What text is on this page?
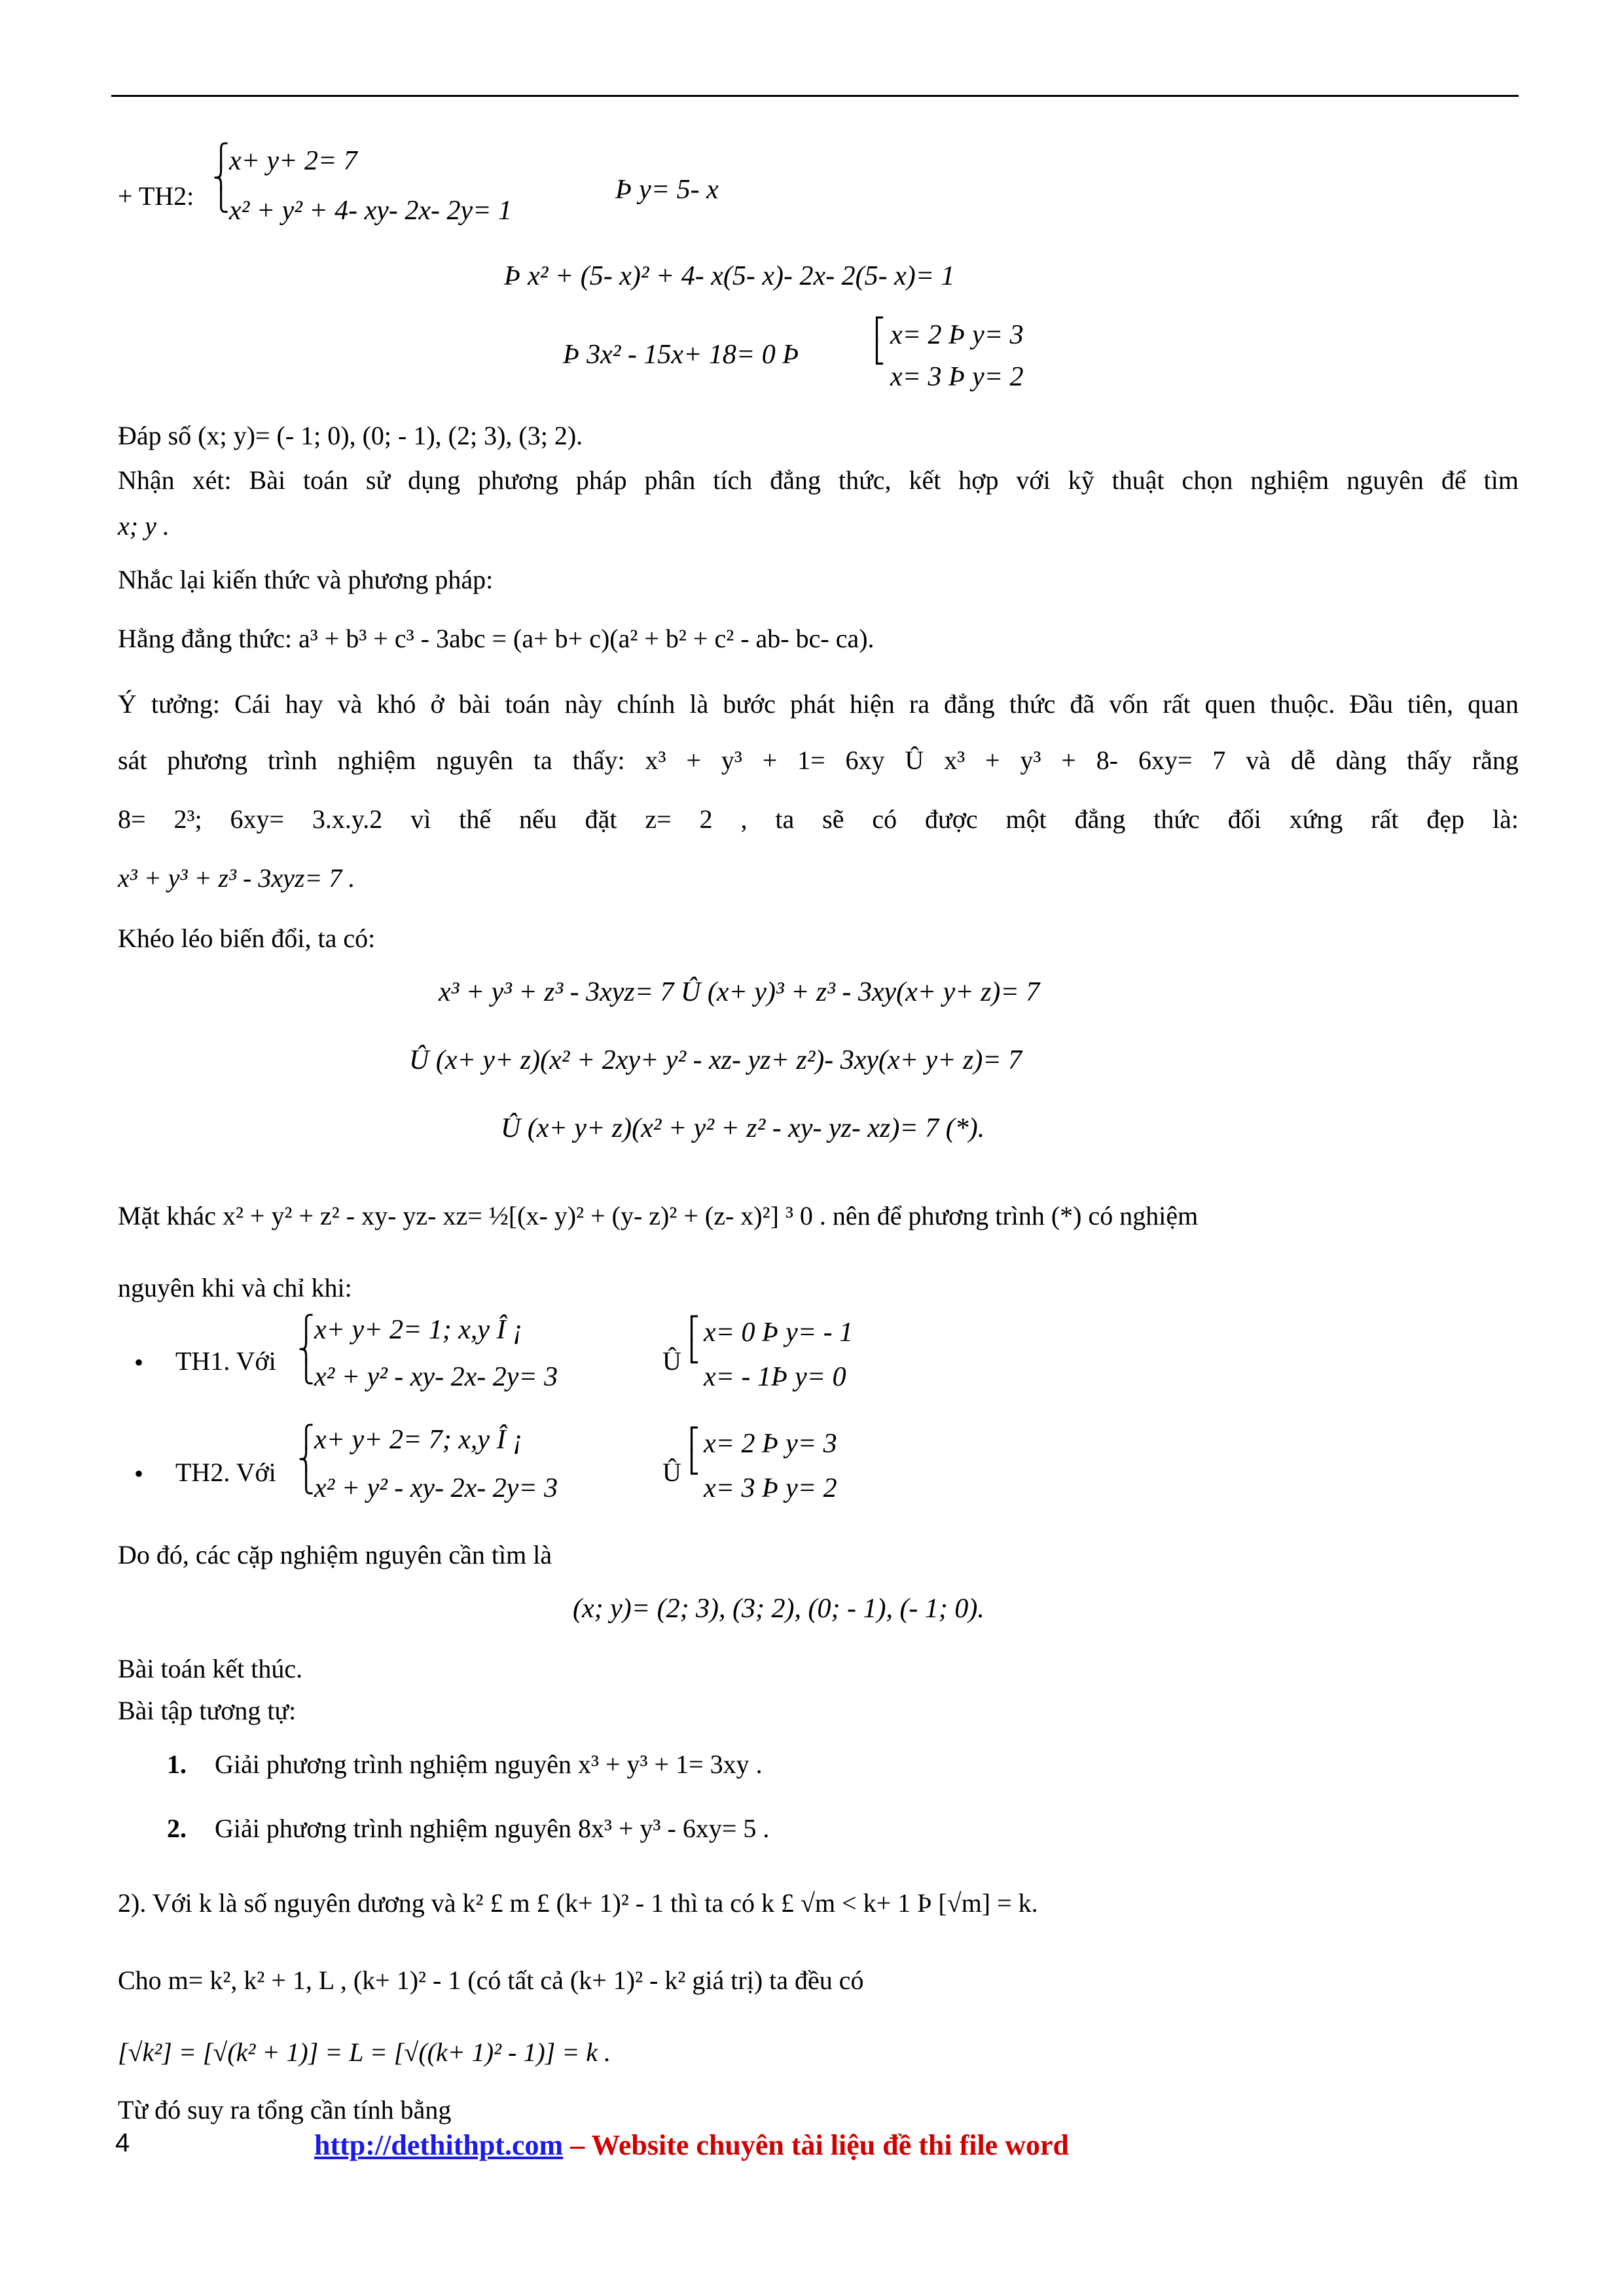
+ TH2:
⎧
⎨
⎩
x+ y+ 2= 7
x² + y² + 4- xy- 2x- 2y= 1
Þ y= 5- x
Þ x² + (5- x)² + 4- x(5- x)- 2x- 2(5- x)= 1
Þ 3x² - 15x+ 18= 0 Þ
⎡
⎣
x= 2 Þ y= 3
x= 3 Þ y= 2
Đáp số (x; y)= (- 1; 0), (0; - 1), (2; 3), (3; 2).
Nhận xét: Bài toán sử dụng phương pháp phân tích đẳng thức, kết hợp với kỹ thuật chọn nghiệm nguyên để tìm
x; y .
Nhắc lại kiến thức và phương pháp:
Hằng đẳng thức: a³ + b³ + c³ - 3abc = (a+ b+ c)(a² + b² + c² - ab- bc- ca).
Ý tưởng: Cái hay và khó ở bài toán này chính là bước phát hiện ra đẳng thức đã vốn rất quen thuộc. Đầu tiên, quan
sát phương trình nghiệm nguyên ta thấy: x³ + y³ + 1= 6xy Û x³ + y³ + 8- 6xy= 7 và dễ dàng thấy rằng
8= 2³; 6xy= 3.x.y.2 vì thế nếu đặt z= 2 , ta sẽ có được một đẳng thức đối xứng rất đẹp là:
x³ + y³ + z³ - 3xyz= 7 .
Khéo léo biến đổi, ta có:
x³ + y³ + z³ - 3xyz= 7 Û (x+ y)³ + z³ - 3xy(x+ y+ z)= 7
Û (x+ y+ z)(x² + 2xy+ y² - xz- yz+ z²)- 3xy(x+ y+ z)= 7
Û (x+ y+ z)(x² + y² + z² - xy- yz- xz)= 7 (*).
Mặt khác x² + y² + z² - xy- yz- xz= ½[(x- y)² + (y- z)² + (z- x)²] ³ 0 . nên để phương trình (*) có nghiệm
nguyên khi và chỉ khi:
• TH1. Với
⎧
⎨
⎩
x+ y+ 2= 1; x,y Î ¡
x² + y² - xy- 2x- 2y= 3
Û
⎡
⎣
x= 0 Þ y= - 1
x= - 1Þ y= 0
• TH2. Với
⎧
⎨
⎩
x+ y+ 2= 7; x,y Î ¡
x² + y² - xy- 2x- 2y= 3
Û
⎡
⎣
x= 2 Þ y= 3
x= 3 Þ y= 2
Do đó, các cặp nghiệm nguyên cần tìm là
(x; y)= (2; 3), (3; 2), (0; - 1), (- 1; 0).
Bài toán kết thúc.
Bài tập tương tự:
1. Giải phương trình nghiệm nguyên x³ + y³ + 1= 3xy .
2. Giải phương trình nghiệm nguyên 8x³ + y³ - 6xy= 5 .
2). Với k là số nguyên dương và k² £ m £ (k+ 1)² - 1 thì ta có k £ √m < k+ 1 Þ [√m] = k.
Cho m= k², k² + 1, L , (k+ 1)² - 1 (có tất cả (k+ 1)² - k² giá trị) ta đều có
[√k²] = [√(k² + 1)] = L = [√((k+ 1)² - 1)] = k .
Từ đó suy ra tổng cần tính bằng
4	http://dethithpt.com – Website chuyên tài liệu đề thi file word
